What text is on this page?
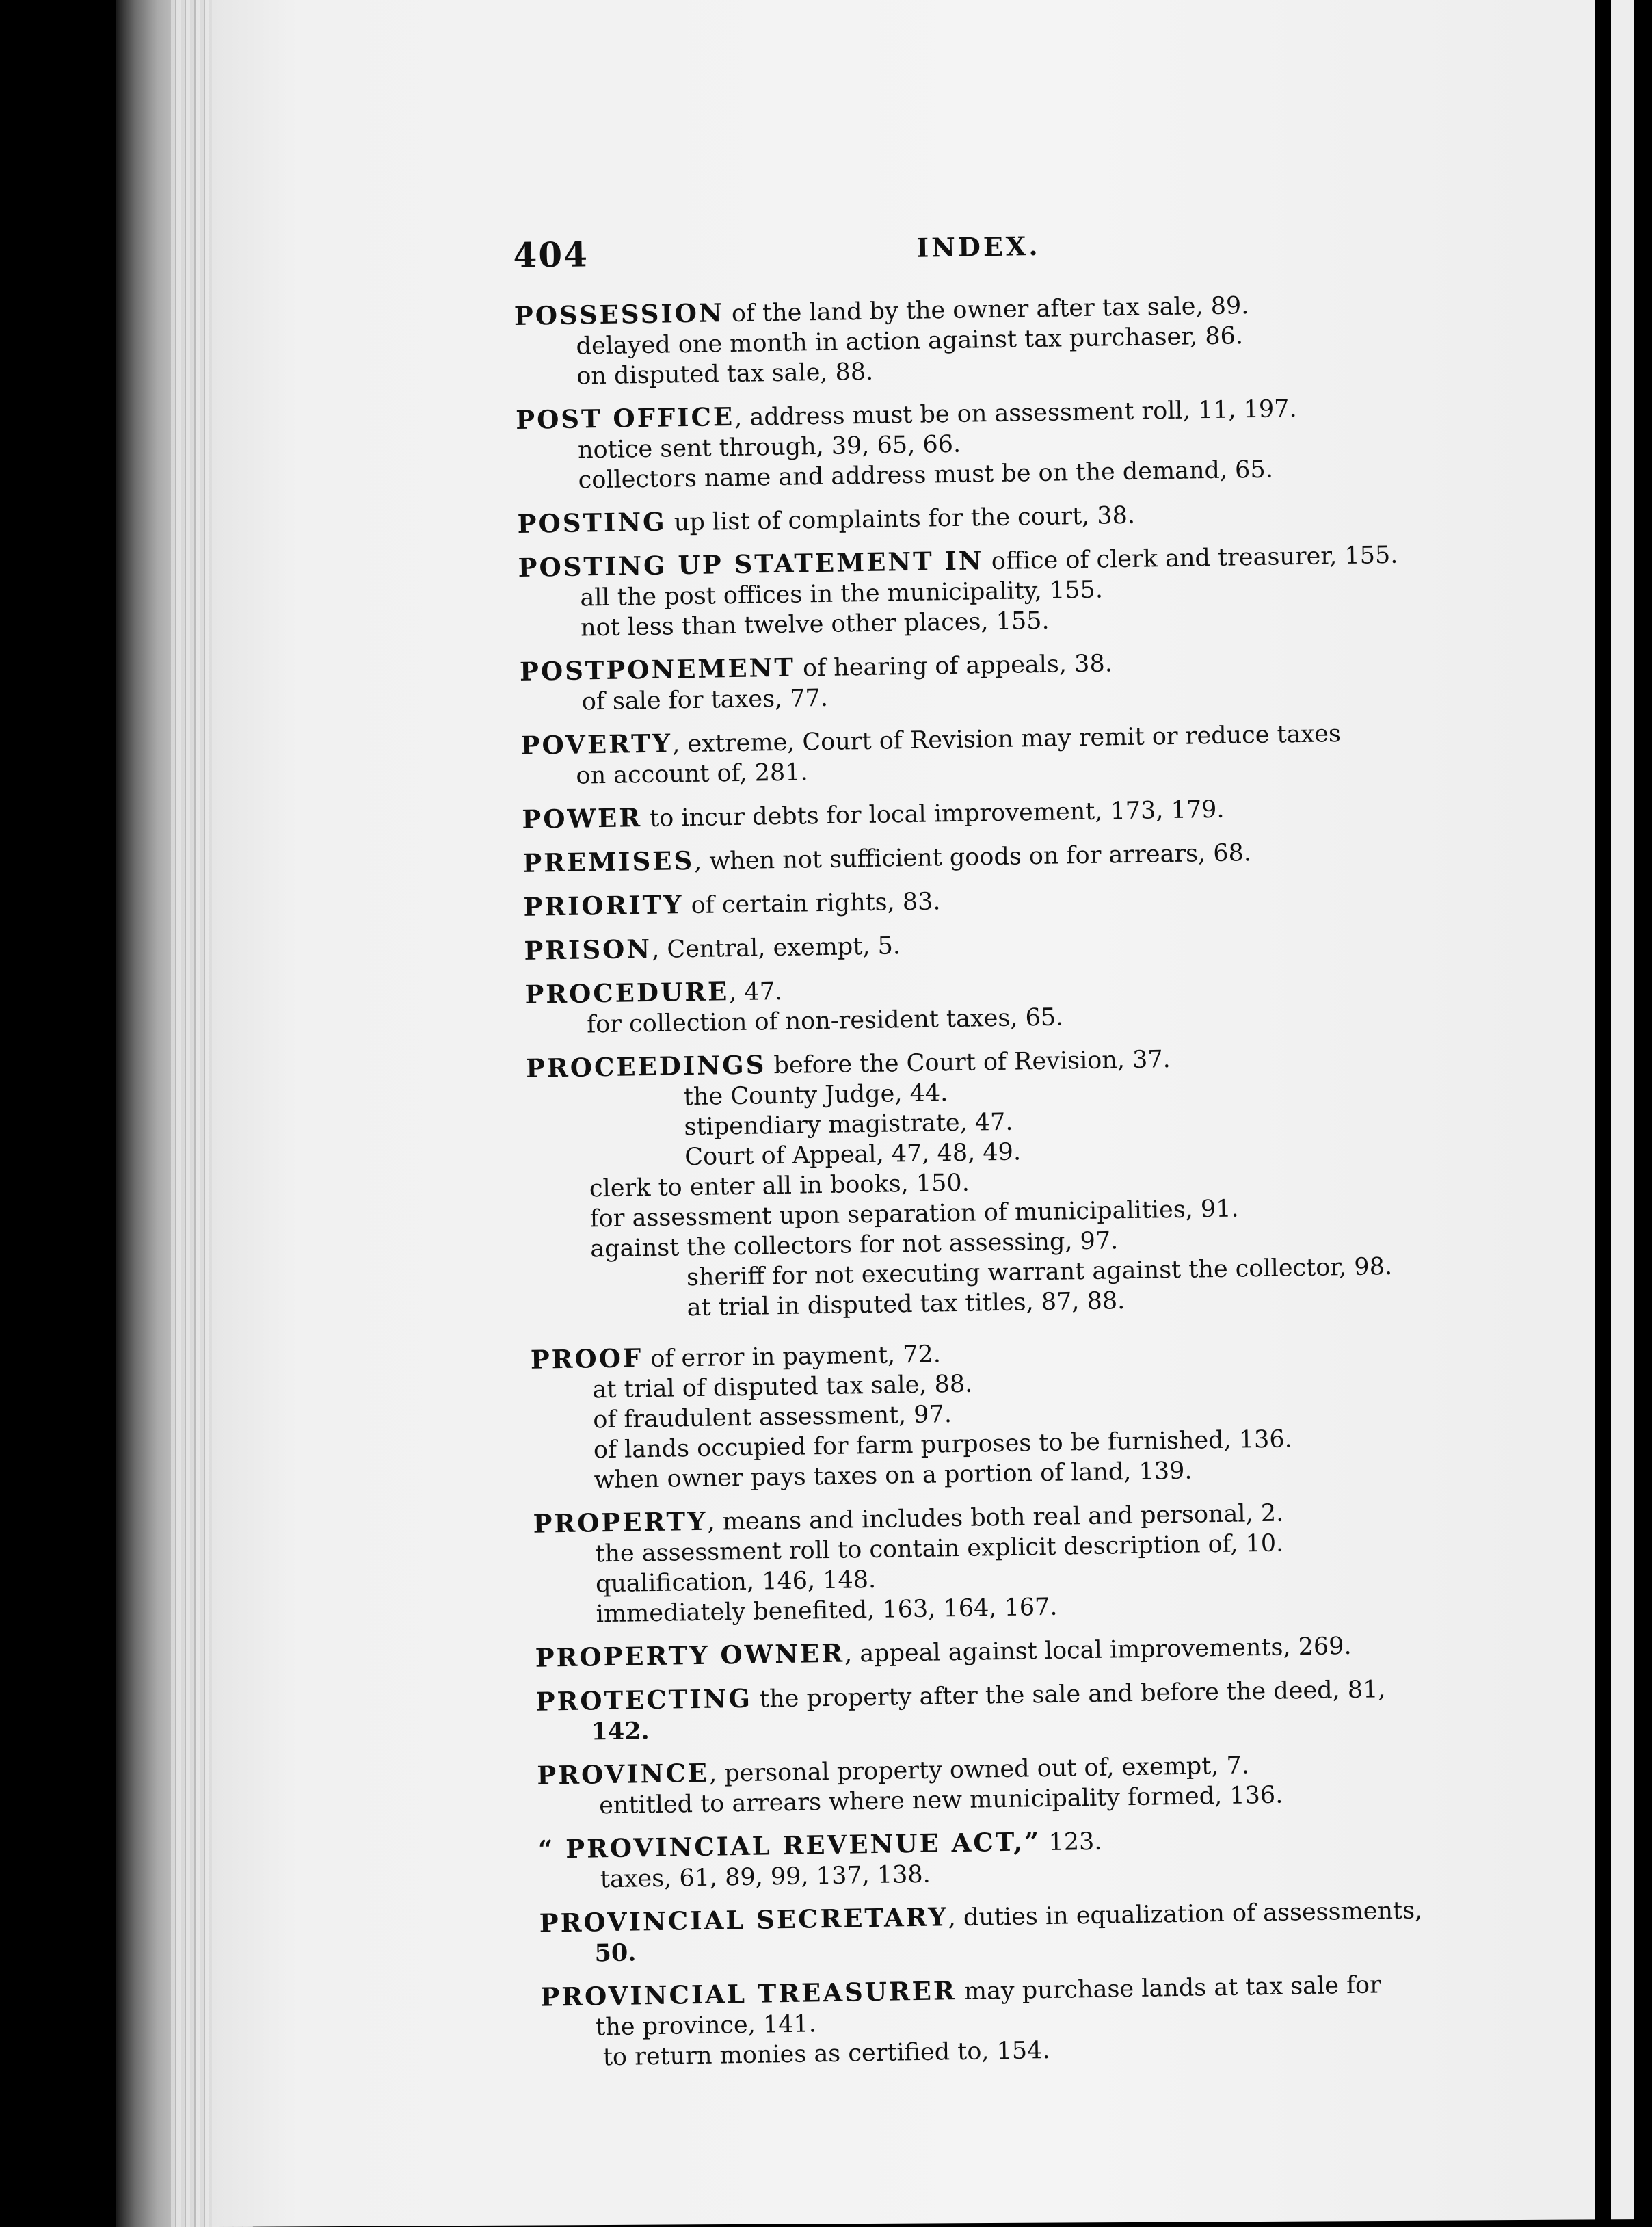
404	INDEX.

POSSESSION of the land by the owner after tax sale, 89.

delayed one month in action against tax purchaser, 86.

on disputed tax sale, 88.

POST OFFICE, address must be on assessment roll, 11, 197.

notice sent through, 39, 65, 66.

collectors name and address must be on the demand, 65.

POSTING up list of complaints for the court, 38.

POSTING UP STATEMENT IN office of clerk and treasurer, 155.

all the post offices in the municipality, 155.

not less than twelve other places, 155.

POSTPONEMENT of hearing of appeals, 38.

of sale for taxes, 77.

POVERTY, extreme, Court of Revision may remit or reduce taxes

on account of, 281.

POWER to incur debts for local improvement, 173, 179.

PREMISES, when not sufficient goods on for arrears, 68.

PRIORITY of certain rights, 83.

PRISON, Central, exempt, 5.

PROCEDURE, 47.

for collection of non-resident taxes, 65.

PROCEEDINGS before the Court of Revision, 37.

the County Judge, 44.

stipendiary magistrate, 47.

Court of Appeal, 47, 48, 49.

clerk to enter all in books, 150.

for assessment upon separation of municipalities, 91.

against the collectors for not assessing, 97.

sheriff for not executing warrant against the collector, 98.

at trial in disputed tax titles, 87, 88.

PROOF of error in payment, 72.

at trial of disputed tax sale, 88.

of fraudulent assessment, 97.

of lands occupied for farm purposes to be furnished, 136.

when owner pays taxes on a portion of land, 139.

PROPERTY, means and includes both real and personal, 2.

the assessment roll to contain explicit description of, 10.

qualification, 146, 148.

immediately benefited, 163, 164, 167.

PROPERTY OWNER, appeal against local improvements, 269.

PROTECTING the property after the sale and before the deed, 81,

142.

PROVINCE, personal property owned out of, exempt, 7.

entitled to arrears where new municipality formed, 136.

“ PROVINCIAL REVENUE ACT,” 123.

taxes, 61, 89, 99, 137, 138.

PROVINCIAL SECRETARY, duties in equalization of assessments,

50.

PROVINCIAL TREASURER may purchase lands at tax sale for

the province, 141.

to return monies as certified to, 154.
